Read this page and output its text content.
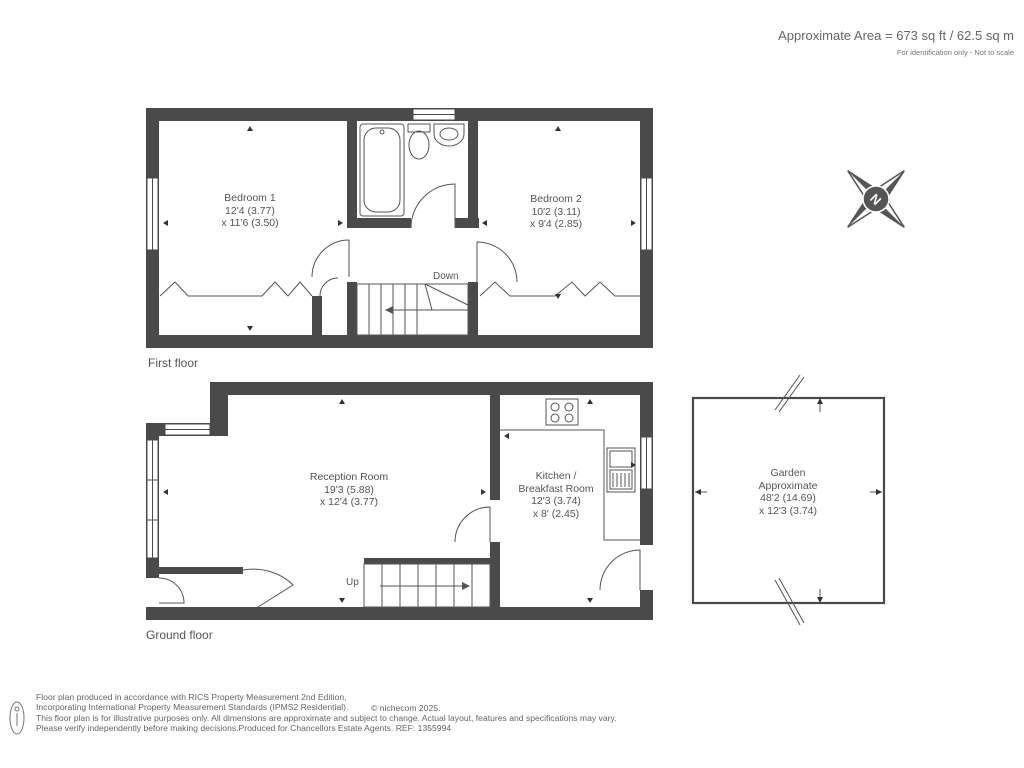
Approximate Area = 673 sq ft / 62.5 sq m
For identification only - Not to scale
N
First floor
Ground floor
Bedroom 1
12'4 (3.77)
x 11'6 (3.50)
Bedroom 2
10'2 (3.11)
x 9'4 (2.85)
Reception Room
19'3 (5.88)
x 12'4 (3.77)
Kitchen /
Breakfast Room
12'3 (3.74)
x 8' (2.45)
Garden
Approximate
48'2 (14.69)
x 12'3 (3.74)
Down
Up
Floor plan produced in accordance with RICS Property Measurement 2nd Edition,
Incorporating International Property Measurement Standards (IPMS2 Residential).
This floor plan is for illustrative purposes only. All dimensions are approximate and subject to change. Actual layout, features and specifications may vary.
Please verify independently before making decisions.Produced for Chancellors Estate Agents. REF: 1355994
© nichecom 2025.
